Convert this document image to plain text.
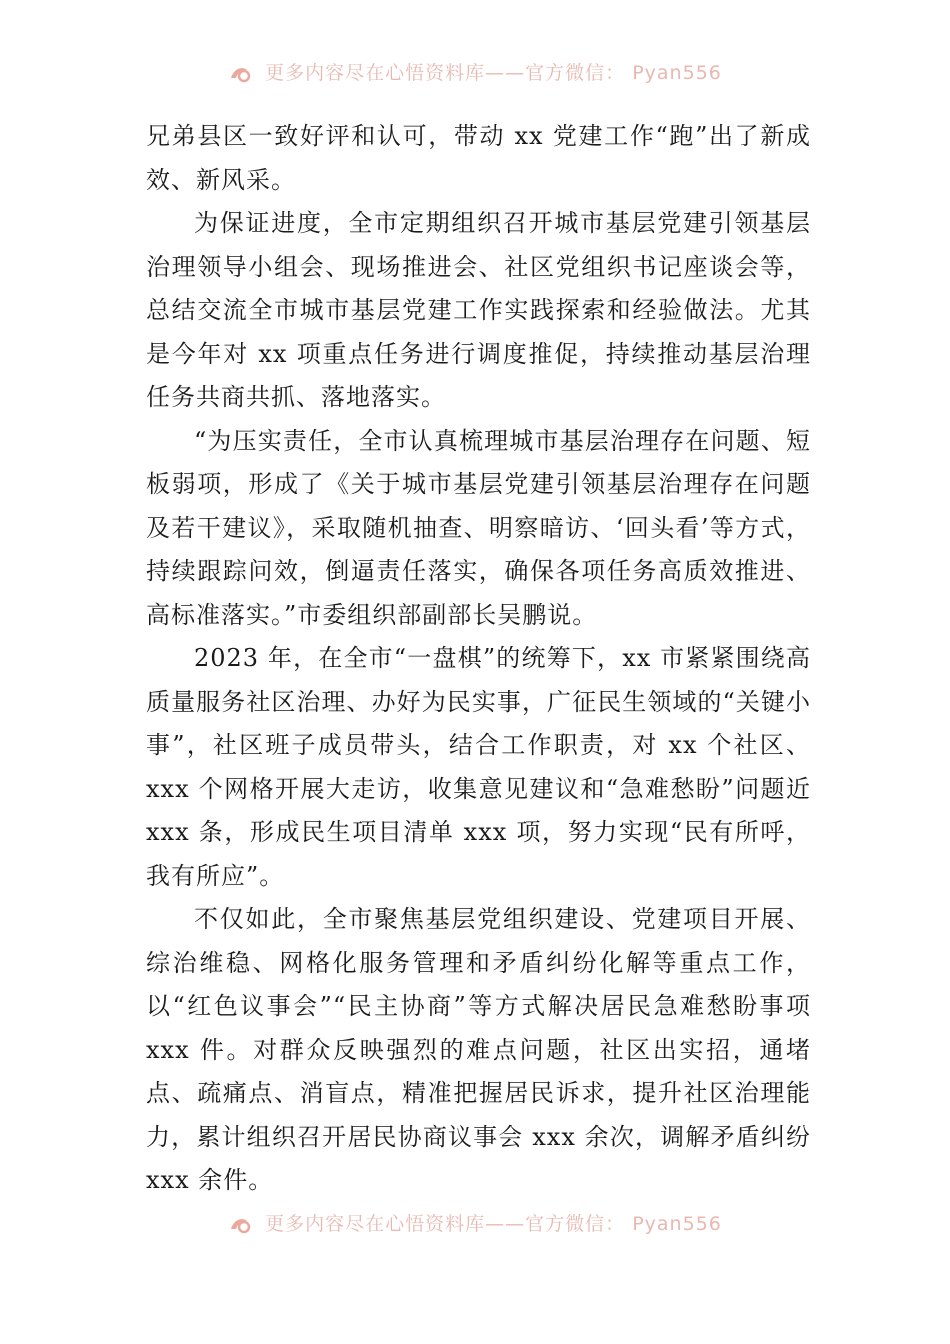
更多内容尽在心悟资料库——官方微信： Pyan556

兄弟县区一致好评和认可，带动 xx 党建工作“跑”出了新成效、新风采。

为保证进度，全市定期组织召开城市基层党建引领基层治理领导小组会、现场推进会、社区党组织书记座谈会等，总结交流全市城市基层党建工作实践探索和经验做法。尤其是今年对 xx 项重点任务进行调度推促，持续推动基层治理任务共商共抓、落地落实。

“为压实责任，全市认真梳理城市基层治理存在问题、短板弱项，形成了《关于城市基层党建引领基层治理存在问题及若干建议》，采取随机抽查、明察暗访、‘回头看’等方式，持续跟踪问效，倒逼责任落实，确保各项任务高质效推进、高标准落实。”市委组织部副部长吴鹏说。

2023 年，在全市“一盘棋”的统筹下，xx 市紧紧围绕高质量服务社区治理、办好为民实事，广征民生领域的“关键小事”，社区班子成员带头，结合工作职责，对 xx 个社区、xxx 个网格开展大走访，收集意见建议和“急难愁盼”问题近 xxx 条，形成民生项目清单 xxx 项，努力实现“民有所呼，我有所应”。

不仅如此，全市聚焦基层党组织建设、党建项目开展、综治维稳、网格化服务管理和矛盾纠纷化解等重点工作，以“红色议事会”“民主协商”等方式解决居民急难愁盼事项 xxx 件。对群众反映强烈的难点问题，社区出实招，通堵点、疏痛点、消盲点，精准把握居民诉求，提升社区治理能力，累计组织召开居民协商议事会 xxx 余次，调解矛盾纠纷 xxx 余件。

更多内容尽在心悟资料库——官方微信： Pyan556
